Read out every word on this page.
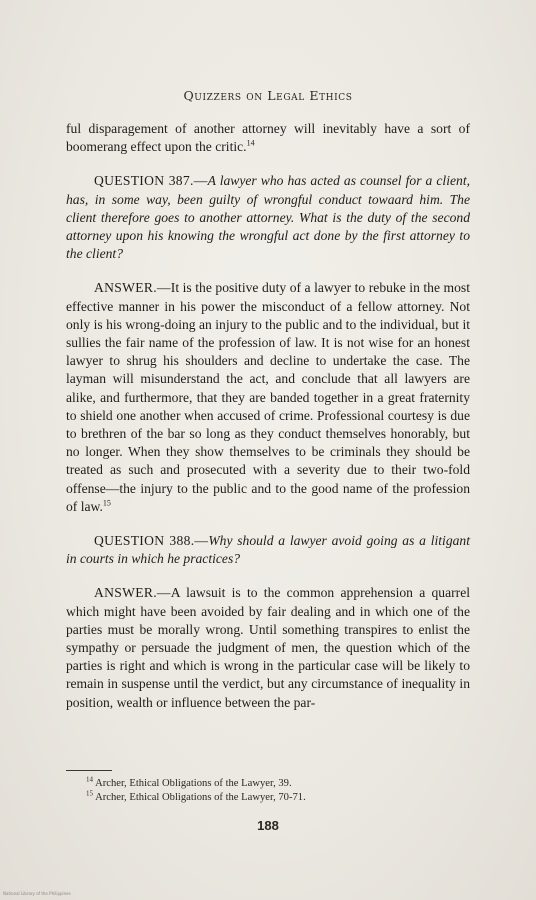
Quizzers on Legal Ethics

ful disparagement of another attorney will inevitably have a sort of boomerang effect upon the critic.$^{14}$

QUESTION 387.—A lawyer who has acted as counsel for a client, has, in some way, been guilty of wrongful conduct towaard him. The client therefore goes to another attorney. What is the duty of the second attorney upon his knowing the wrongful act done by the first attorney to the client?

ANSWER.—It is the positive duty of a lawyer to rebuke in the most effective manner in his power the misconduct of a fellow attorney. Not only is his wrong-doing an injury to the public and to the individual, but it sullies the fair name of the profession of law. It is not wise for an honest lawyer to shrug his shoulders and decline to undertake the case. The layman will misunderstand the act, and conclude that all lawyers are alike, and furthermore, that they are banded together in a great fraternity to shield one another when accused of crime. Professional courtesy is due to brethren of the bar so long as they conduct themselves honorably, but no longer. When they show themselves to be criminals they should be treated as such and prosecuted with a severity due to their two-fold offense—the injury to the public and to the good name of the profession of law.$^{15}$

QUESTION 388.—Why should a lawyer avoid going as a litigant in courts in which he practices?

ANSWER.—A lawsuit is to the common apprehension a quarrel which might have been avoided by fair dealing and in which one of the parties must be morally wrong. Until something transpires to enlist the sympathy or persuade the judgment of men, the question which of the parties is right and which is wrong in the particular case will be likely to remain in suspense until the verdict, but any circumstance of inequality in position, wealth or influence between the par-

$^{14}$ Archer, Ethical Obligations of the Lawyer, 39.
$^{15}$ Archer, Ethical Obligations of the Lawyer, 70-71.
188
National Library of the Philippines
